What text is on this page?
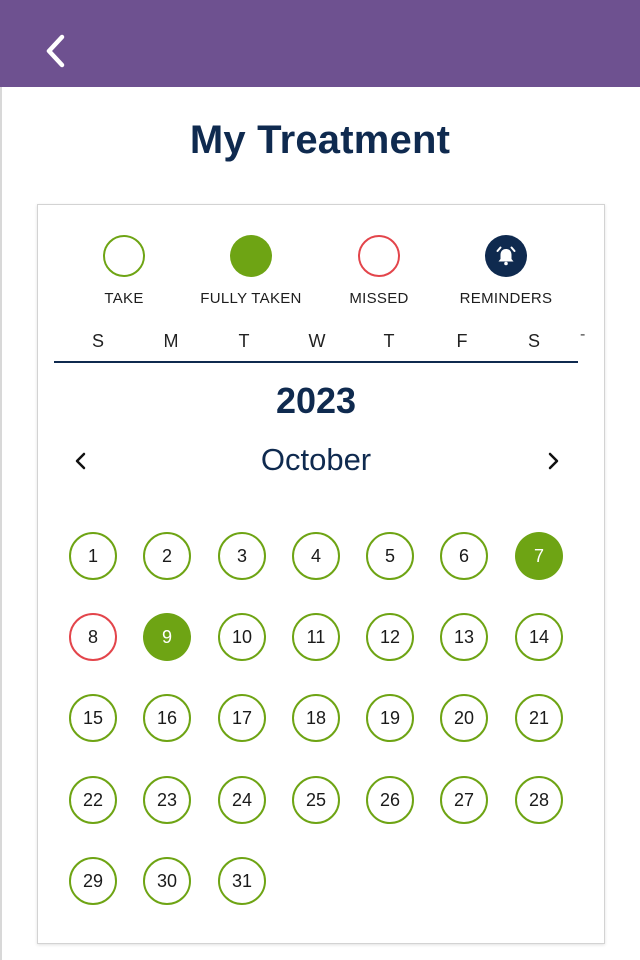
My Treatment
TAKE	FULLY TAKEN	MISSED	REMINDERS
S	M	T	W	T	F	S	-
2023
October
1	2	3	4	5	6	7
8	9	10	11	12	13	14
15	16	17	18	19	20	21
22	23	24	25	26	27	28
29	30	31
